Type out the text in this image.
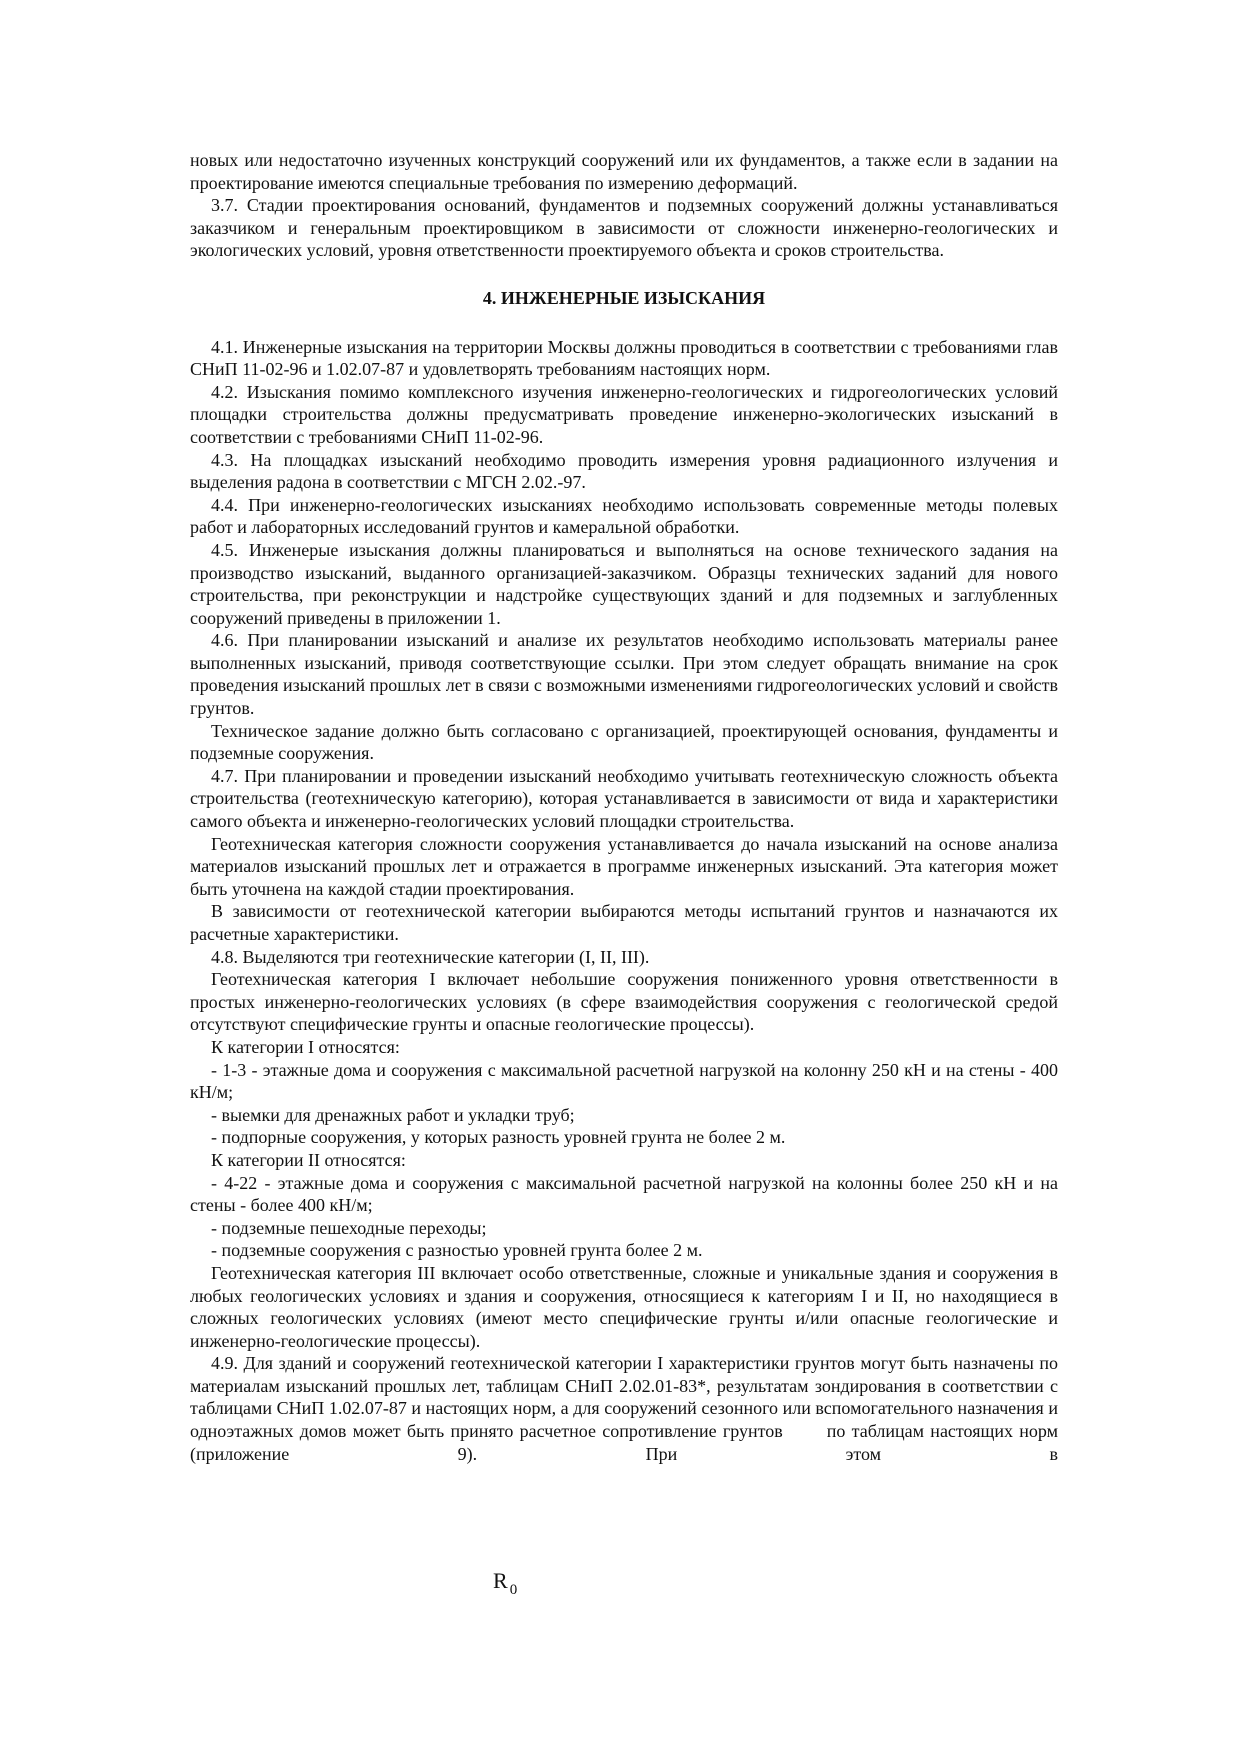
новых или недостаточно изученных конструкций сооружений или их фундаментов, а также если в задании на проектирование имеются специальные требования по измерению деформаций.

3.7. Стадии проектирования оснований, фундаментов и подземных сооружений должны устанавливаться заказчиком и генеральным проектировщиком в зависимости от сложности инженерно-геологических и экологических условий, уровня ответственности проектируемого объекта и сроков строительства.

4. ИНЖЕНЕРНЫЕ ИЗЫСКАНИЯ

4.1. Инженерные изыскания на территории Москвы должны проводиться в соответствии с требованиями глав СНиП 11-02-96 и 1.02.07-87 и удовлетворять требованиям настоящих норм.

4.2. Изыскания помимо комплексного изучения инженерно-геологических и гидрогеологических условий площадки строительства должны предусматривать проведение инженерно-экологических изысканий в соответствии с требованиями СНиП 11-02-96.

4.3. На площадках изысканий необходимо проводить измерения уровня радиационного излучения и выделения радона в соответствии с МГСН 2.02.-97.

4.4. При инженерно-геологических изысканиях необходимо использовать современные методы полевых работ и лабораторных исследований грунтов и камеральной обработки.

4.5. Инженерые изыскания должны планироваться и выполняться на основе технического задания на производство изысканий, выданного организацией-заказчиком. Образцы технических заданий для нового строительства, при реконструкции и надстройке существующих зданий и для подземных и заглубленных сооружений приведены в приложении 1.

4.6. При планировании изысканий и анализе их результатов необходимо использовать материалы ранее выполненных изысканий, приводя соответствующие ссылки. При этом следует обращать внимание на срок проведения изысканий прошлых лет в связи с возможными изменениями гидрогеологических условий и свойств грунтов.

Техническое задание должно быть согласовано с организацией, проектирующей основания, фундаменты и подземные сооружения.

4.7. При планировании и проведении изысканий необходимо учитывать геотехническую сложность объекта строительства (геотехническую категорию), которая устанавливается в зависимости от вида и характеристики самого объекта и инженерно-геологических условий площадки строительства.

Геотехническая категория сложности сооружения устанавливается до начала изысканий на основе анализа материалов изысканий прошлых лет и отражается в программе инженерных изысканий. Эта категория может быть уточнена на каждой стадии проектирования.

В зависимости от геотехнической категории выбираются методы испытаний грунтов и назначаются их расчетные характеристики.

4.8. Выделяются три геотехнические категории (I, II, III).

Геотехническая категория I включает небольшие сооружения пониженного уровня ответственности в простых инженерно-геологических условиях (в сфере взаимодействия сооружения с геологической средой отсутствуют специфические грунты и опасные геологические процессы).

К категории I относятся:

- 1-3 - этажные дома и сооружения с максимальной расчетной нагрузкой на колонну 250 кН и на стены - 400 кН/м;

- выемки для дренажных работ и укладки труб;

- подпорные сооружения, у которых разность уровней грунта не более 2 м.

К категории II относятся:

- 4-22 - этажные дома и сооружения с максимальной расчетной нагрузкой на колонны более 250 кН и на стены - более 400 кН/м;

- подземные пешеходные переходы;

- подземные сооружения с разностью уровней грунта более 2 м.

Геотехническая категория III включает особо ответственные, сложные и уникальные здания и сооружения в любых геологических условиях и здания и сооружения, относящиеся к категориям I и II, но находящиеся в сложных геологических условиях (имеют место специфические грунты и/или опасные геологические и инженерно-геологические процессы).

4.9. Для зданий и сооружений геотехнической категории I характеристики грунтов могут быть назначены по материалам изысканий прошлых лет, таблицам СНиП 2.02.01-83*, результатам зондирования в соответствии с таблицами СНиП 1.02.07-87 и настоящих норм, а для сооружений сезонного или вспомогательного назначения и одноэтажных домов может быть принято расчетное сопротивление грунтов по таблицам настоящих норм (приложение 9). При этом в

R $_0$
